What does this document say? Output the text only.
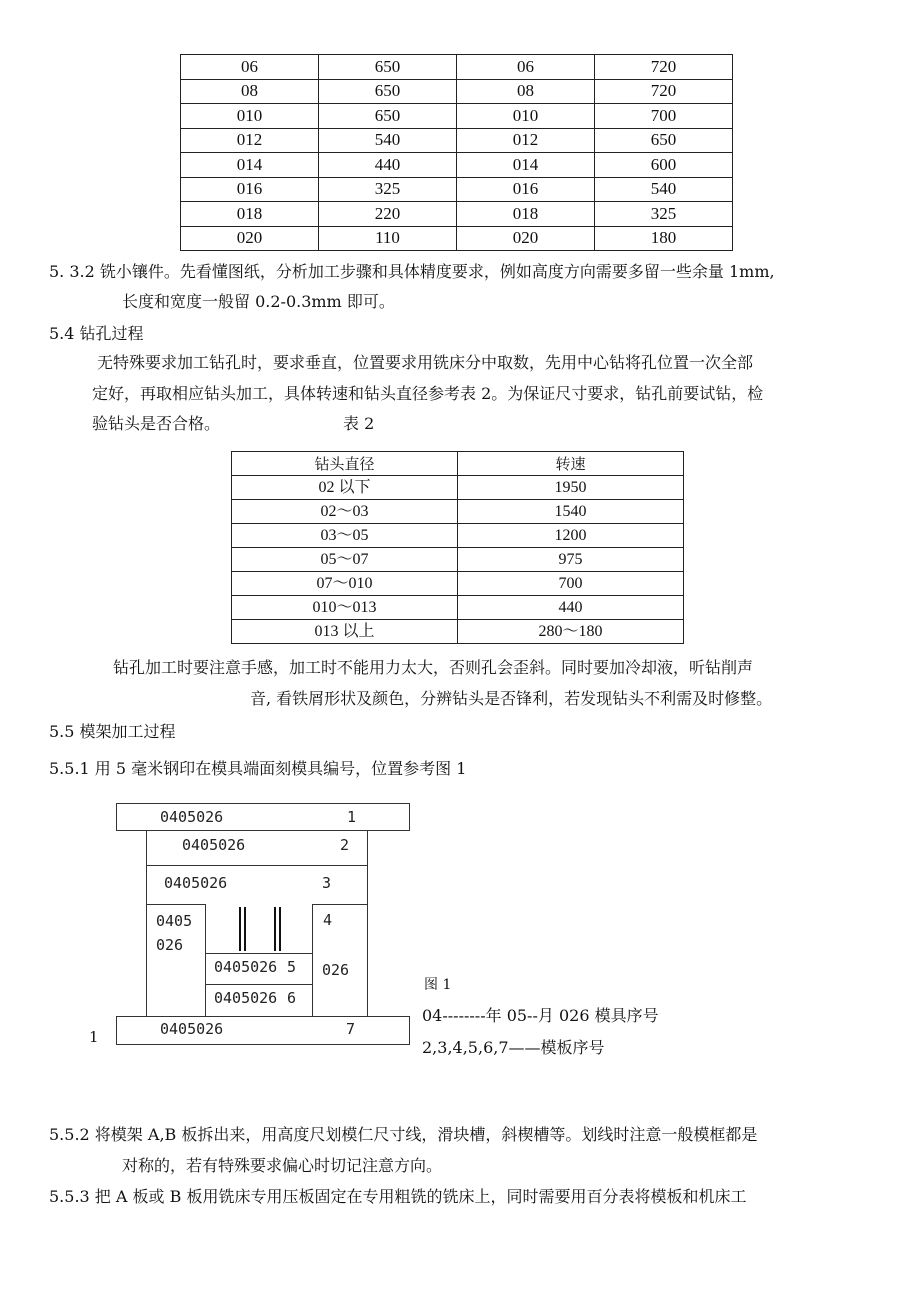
06	650	06	720
08	650	08	720
010	650	010	700
012	540	012	650
014	440	014	600
016	325	016	540
018	220	018	325
020	110	020	180
5. 3.2 铣小镶件。先看懂图纸，分析加工步骤和具体精度要求，例如高度方向需要多留一些余量 1mm,
长度和宽度一般留 0.2-0.3mm 即可。
5.4 钻孔过程
无特殊要求加工钻孔时，要求垂直，位置要求用铣床分中取数，先用中心钻将孔位置一次全部
定好，再取相应钻头加工，具体转速和钻头直径参考表 2。为保证尺寸要求，钻孔前要试钻，检
验钻头是否合格。	表 2
钻头直径	转速
02 以下	1950
02～03	1540
03～05	1200
05～07	975
07～010	700
010～013	440
013 以上	280～180
钻孔加工时要注意手感，加工时不能用力太大，否则孔会歪斜。同时要加冷却液，听钻削声
音, 看铁屑形状及颜色，分辨钻头是否锋利，若发现钻头不利需及时修整。
5.5 模架加工过程
5.5.1 用 5 毫米钢印在模具端面刻模具编号，位置参考图 1
0405026	1
0405026	2
0405026	3
0405
026
4
026
0405026 5
0405026 6
0405026	7
1
图 1
04--------年 05--月 026 模具序号
2,3,4,5,6,7——模板序号
5.5.2 将模架 A,B 板拆出来，用高度尺划模仁尺寸线，滑块槽，斜楔槽等。划线时注意一般模框都是
对称的，若有特殊要求偏心时切记注意方向。
5.5.3 把 A 板或 B 板用铣床专用压板固定在专用粗铣的铣床上，同时需要用百分表将模板和机床工
